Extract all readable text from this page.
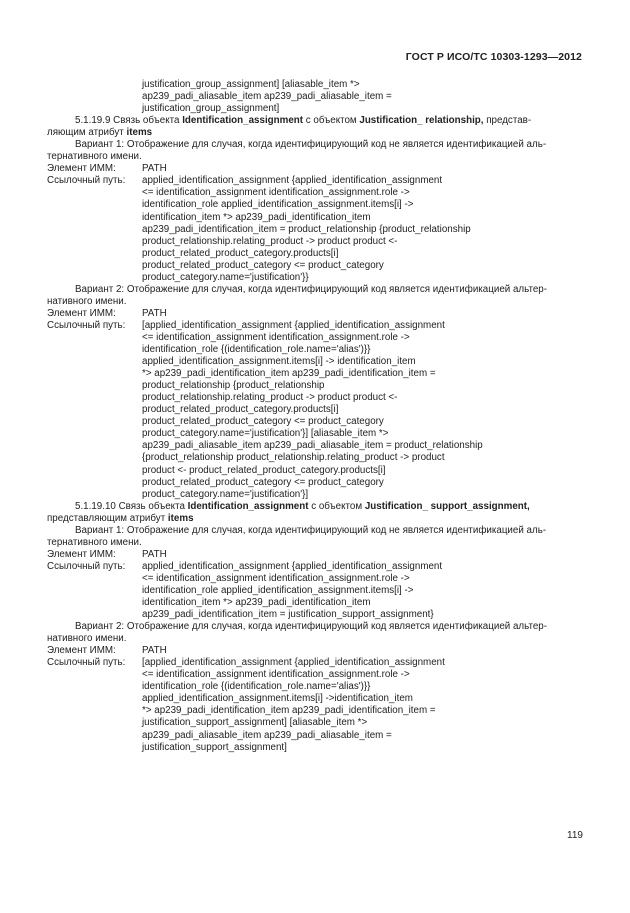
ГОСТ Р ИСО/ТС 10303-1293—2012
justification_group_assignment] [aliasable_item *>
ap239_padi_aliasable_item ap239_padi_aliasable_item =
justification_group_assignment]
5.1.19.9 Связь объекта Identification_assignment с объектом Justification_ relationship, представ-
ляющим атрибут items
Вариант 1: Отображение для случая, когда идентифицирующий код не является идентификацией аль-
тернативного имени.
Элемент ИММ:	PATH
Ссылочный путь:	applied_identification_assignment {applied_identification_assignment
<= identification_assignment identification_assignment.role ->
identification_role applied_identification_assignment.items[i] ->
identification_item *> ap239_padi_identification_item
ap239_padi_identification_item = product_relationship {product_relationship
product_relationship.relating_product -> product product <-
product_related_product_category.products[i]
product_related_product_category <= product_category
product_category.name='justification'}}
Вариант 2: Отображение для случая, когда идентифицирующий код является идентификацией альтер-
нативного имени.
Элемент ИММ:	PATH
Ссылочный путь:	[applied_identification_assignment {applied_identification_assignment
<= identification_assignment identification_assignment.role ->
identification_role {(identification_role.name='alias')}}
applied_identification_assignment.items[i] -> identification_item
*> ap239_padi_identification_item ap239_padi_identification_item =
product_relationship {product_relationship
product_relationship.relating_product -> product product <-
product_related_product_category.products[i]
product_related_product_category <= product_category
product_category.name='justification'}] [aliasable_item *>
ap239_padi_aliasable_item ap239_padi_aliasable_item = product_relationship
{product_relationship product_relationship.relating_product -> product
product <- product_related_product_category.products[i]
product_related_product_category <= product_category
product_category.name='justification'}]
5.1.19.10 Связь объекта Identification_assignment с объектом Justification_ support_assignment,
представляющим атрибут items
Вариант 1: Отображение для случая, когда идентифицирующий код не является идентификацией аль-
тернативного имени.
Элемент ИММ:	PATH
Ссылочный путь:	applied_identification_assignment {applied_identification_assignment
<= identification_assignment identification_assignment.role ->
identification_role applied_identification_assignment.items[i] ->
identification_item *> ap239_padi_identification_item
ap239_padi_identification_item = justification_support_assignment}
Вариант 2: Отображение для случая, когда идентифицирующий код является идентификацией альтер-
нативного имени.
Элемент ИММ:	PATH
Ссылочный путь:	[applied_identification_assignment {applied_identification_assignment
<= identification_assignment identification_assignment.role ->
identification_role {(identification_role.name='alias')}}
applied_identification_assignment.items[i] ->identification_item
*> ap239_padi_identification_item ap239_padi_identification_item =
justification_support_assignment] [aliasable_item *>
ap239_padi_aliasable_item ap239_padi_aliasable_item =
justification_support_assignment]
119
